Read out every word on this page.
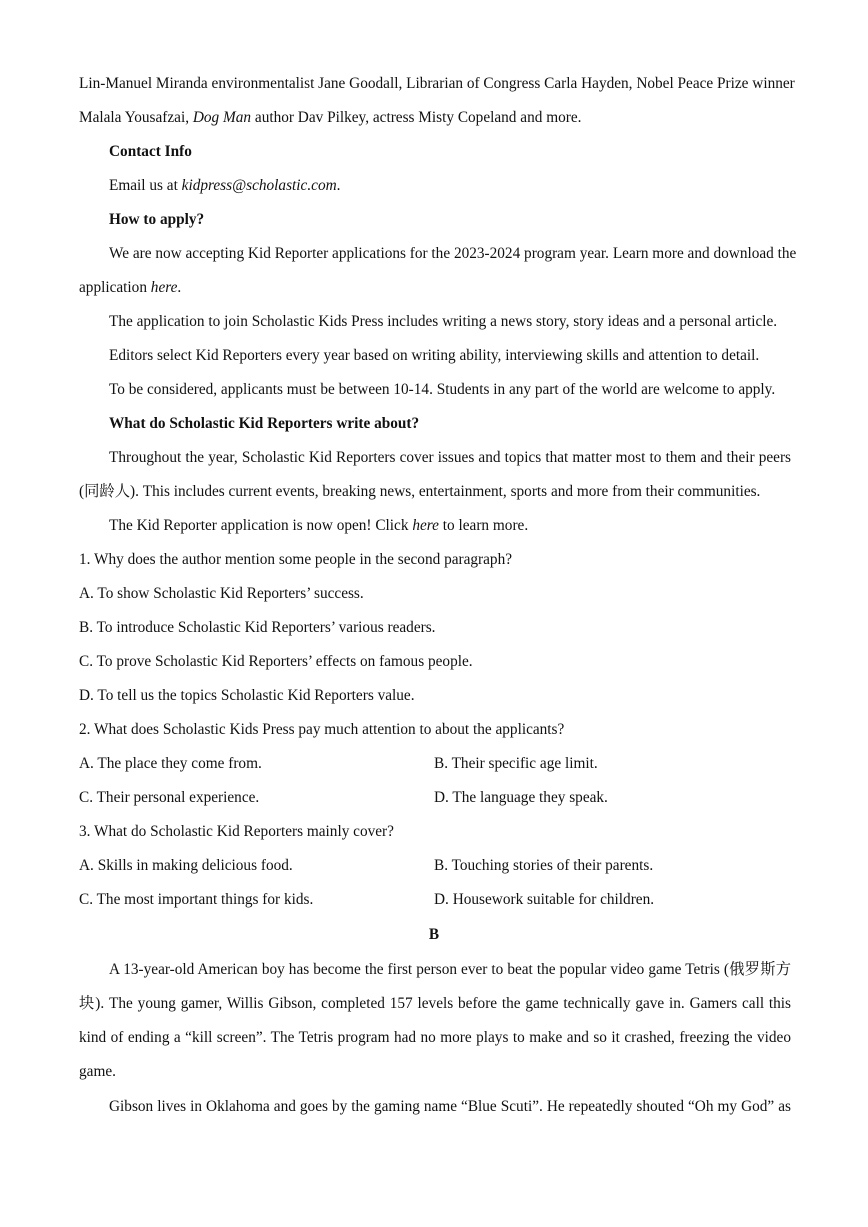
Lin-Manuel Miranda environmentalist Jane Goodall, Librarian of Congress Carla Hayden, Nobel Peace Prize winner
Malala Yousafzai, Dog Man author Dav Pilkey, actress Misty Copeland and more.
Contact Info
Email us at kidpress@scholastic.com.
How to apply?
We are now accepting Kid Reporter applications for the 2023-2024 program year. Learn more and download the
application here.
The application to join Scholastic Kids Press includes writing a news story, story ideas and a personal article.
Editors select Kid Reporters every year based on writing ability, interviewing skills and attention to detail.
To be considered, applicants must be between 10-14. Students in any part of the world are welcome to apply.
What do Scholastic Kid Reporters write about?
Throughout the year, Scholastic Kid Reporters cover issues and topics that matter most to them and their peers
(同龄人). This includes current events, breaking news, entertainment, sports and more from their communities.
The Kid Reporter application is now open! Click here to learn more.
1. Why does the author mention some people in the second paragraph?
A. To show Scholastic Kid Reporters’ success.
B. To introduce Scholastic Kid Reporters’ various readers.
C. To prove Scholastic Kid Reporters’ effects on famous people.
D. To tell us the topics Scholastic Kid Reporters value.
2. What does Scholastic Kids Press pay much attention to about the applicants?
A. The place they come from.	B. Their specific age limit.
C. Their personal experience.	D. The language they speak.
3. What do Scholastic Kid Reporters mainly cover?
A. Skills in making delicious food.	B. Touching stories of their parents.
C. The most important things for kids.	D. Housework suitable for children.
B
A 13-year-old American boy has become the first person ever to beat the popular video game Tetris (俄罗斯方
块). The young gamer, Willis Gibson, completed 157 levels before the game technically gave in. Gamers call this
kind of ending a “kill screen”. The Tetris program had no more plays to make and so it crashed, freezing the video
game.
Gibson lives in Oklahoma and goes by the gaming name “Blue Scuti”. He repeatedly shouted “Oh my God” as
